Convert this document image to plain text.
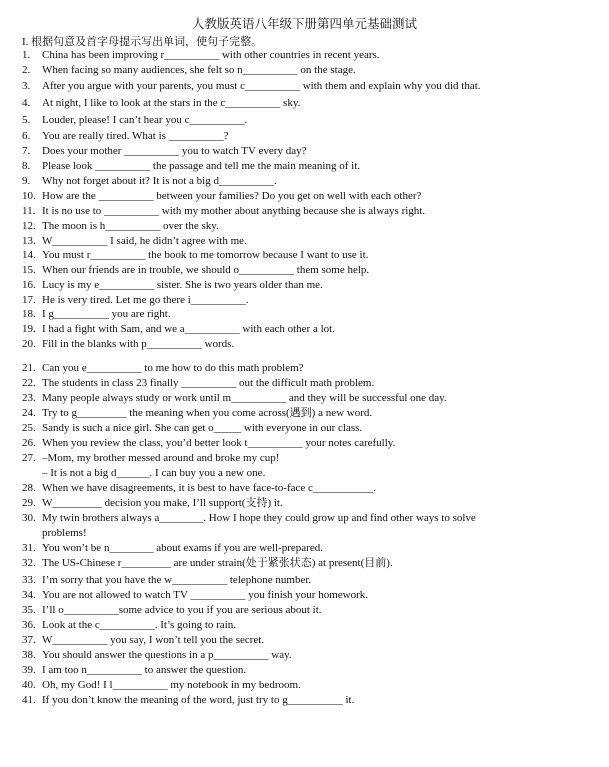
人教版英语八年级下册第四单元基础测试
I. 根据句意及首字母提示写出单词，使句子完整。
1. China has been improving r__________ with other countries in recent years.
2. When facing so many audiences, she felt so n__________ on the stage.
3. After you argue with your parents, you must c__________ with them and explain why you did that.
4. At night, I like to look at the stars in the c__________ sky.
5. Louder, please! I can’t hear you c__________.
6. You are really tired. What is __________?
7. Does your mother __________ you to watch TV every day?
8. Please look __________ the passage and tell me the main meaning of it.
9. Why not forget about it? It is not a big d__________.
10. How are the __________ between your families? Do you get on well with each other?
11. It is no use to __________ with my mother about anything because she is always right.
12. The moon is h__________ over the sky.
13. W__________ I said, he didn’t agree with me.
14. You must r__________ the book to me tomorrow because I want to use it.
15. When our friends are in trouble, we should o__________ them some help.
16. Lucy is my e__________ sister. She is two years older than me.
17. He is very tired. Let me go there i__________.
18. I g__________ you are right.
19. I had a fight with Sam, and we a__________ with each other a lot.
20. Fill in the blanks with p__________ words.
21. Can you e__________ to me how to do this math problem?
22. The students in class 23 finally __________ out the difficult math problem.
23. Many people always study or work until m__________ and they will be successful one day.
24. Try to g_________ the meaning when you come across(遇到) a new word.
25. Sandy is such a nice girl. She can get o_____ with everyone in our class.
26. When you review the class, you’d better look t__________ your notes carefully.
27. –Mom, my brother messed around and broke my cup!
– It is not a big d______. I can buy you a new one.
28. When we have disagreements, it is best to have face-to-face c___________.
29. W_________ decision you make, I’ll support(支持) it.
30. My twin brothers always a________. How I hope they could grow up and find other ways to solve
problems!
31. You won’t be n________ about exams if you are well-prepared.
32. The US-Chinese r_________ are under strain(处于紧张状态) at present(目前).
33. I’m sorry that you have the w__________ telephone number.
34. You are not allowed to watch TV __________ you finish your homework.
35. I’ll o__________some advice to you if you are serious about it.
36. Look at the c__________. It’s going to rain.
37. W__________ you say, I won’t tell you the secret.
38. You should answer the questions in a p__________ way.
39. I am too n__________ to answer the question.
40. Oh, my God! I l__________ my notebook in my bedroom.
41. If you don’t know the meaning of the word, just try to g__________ it.
